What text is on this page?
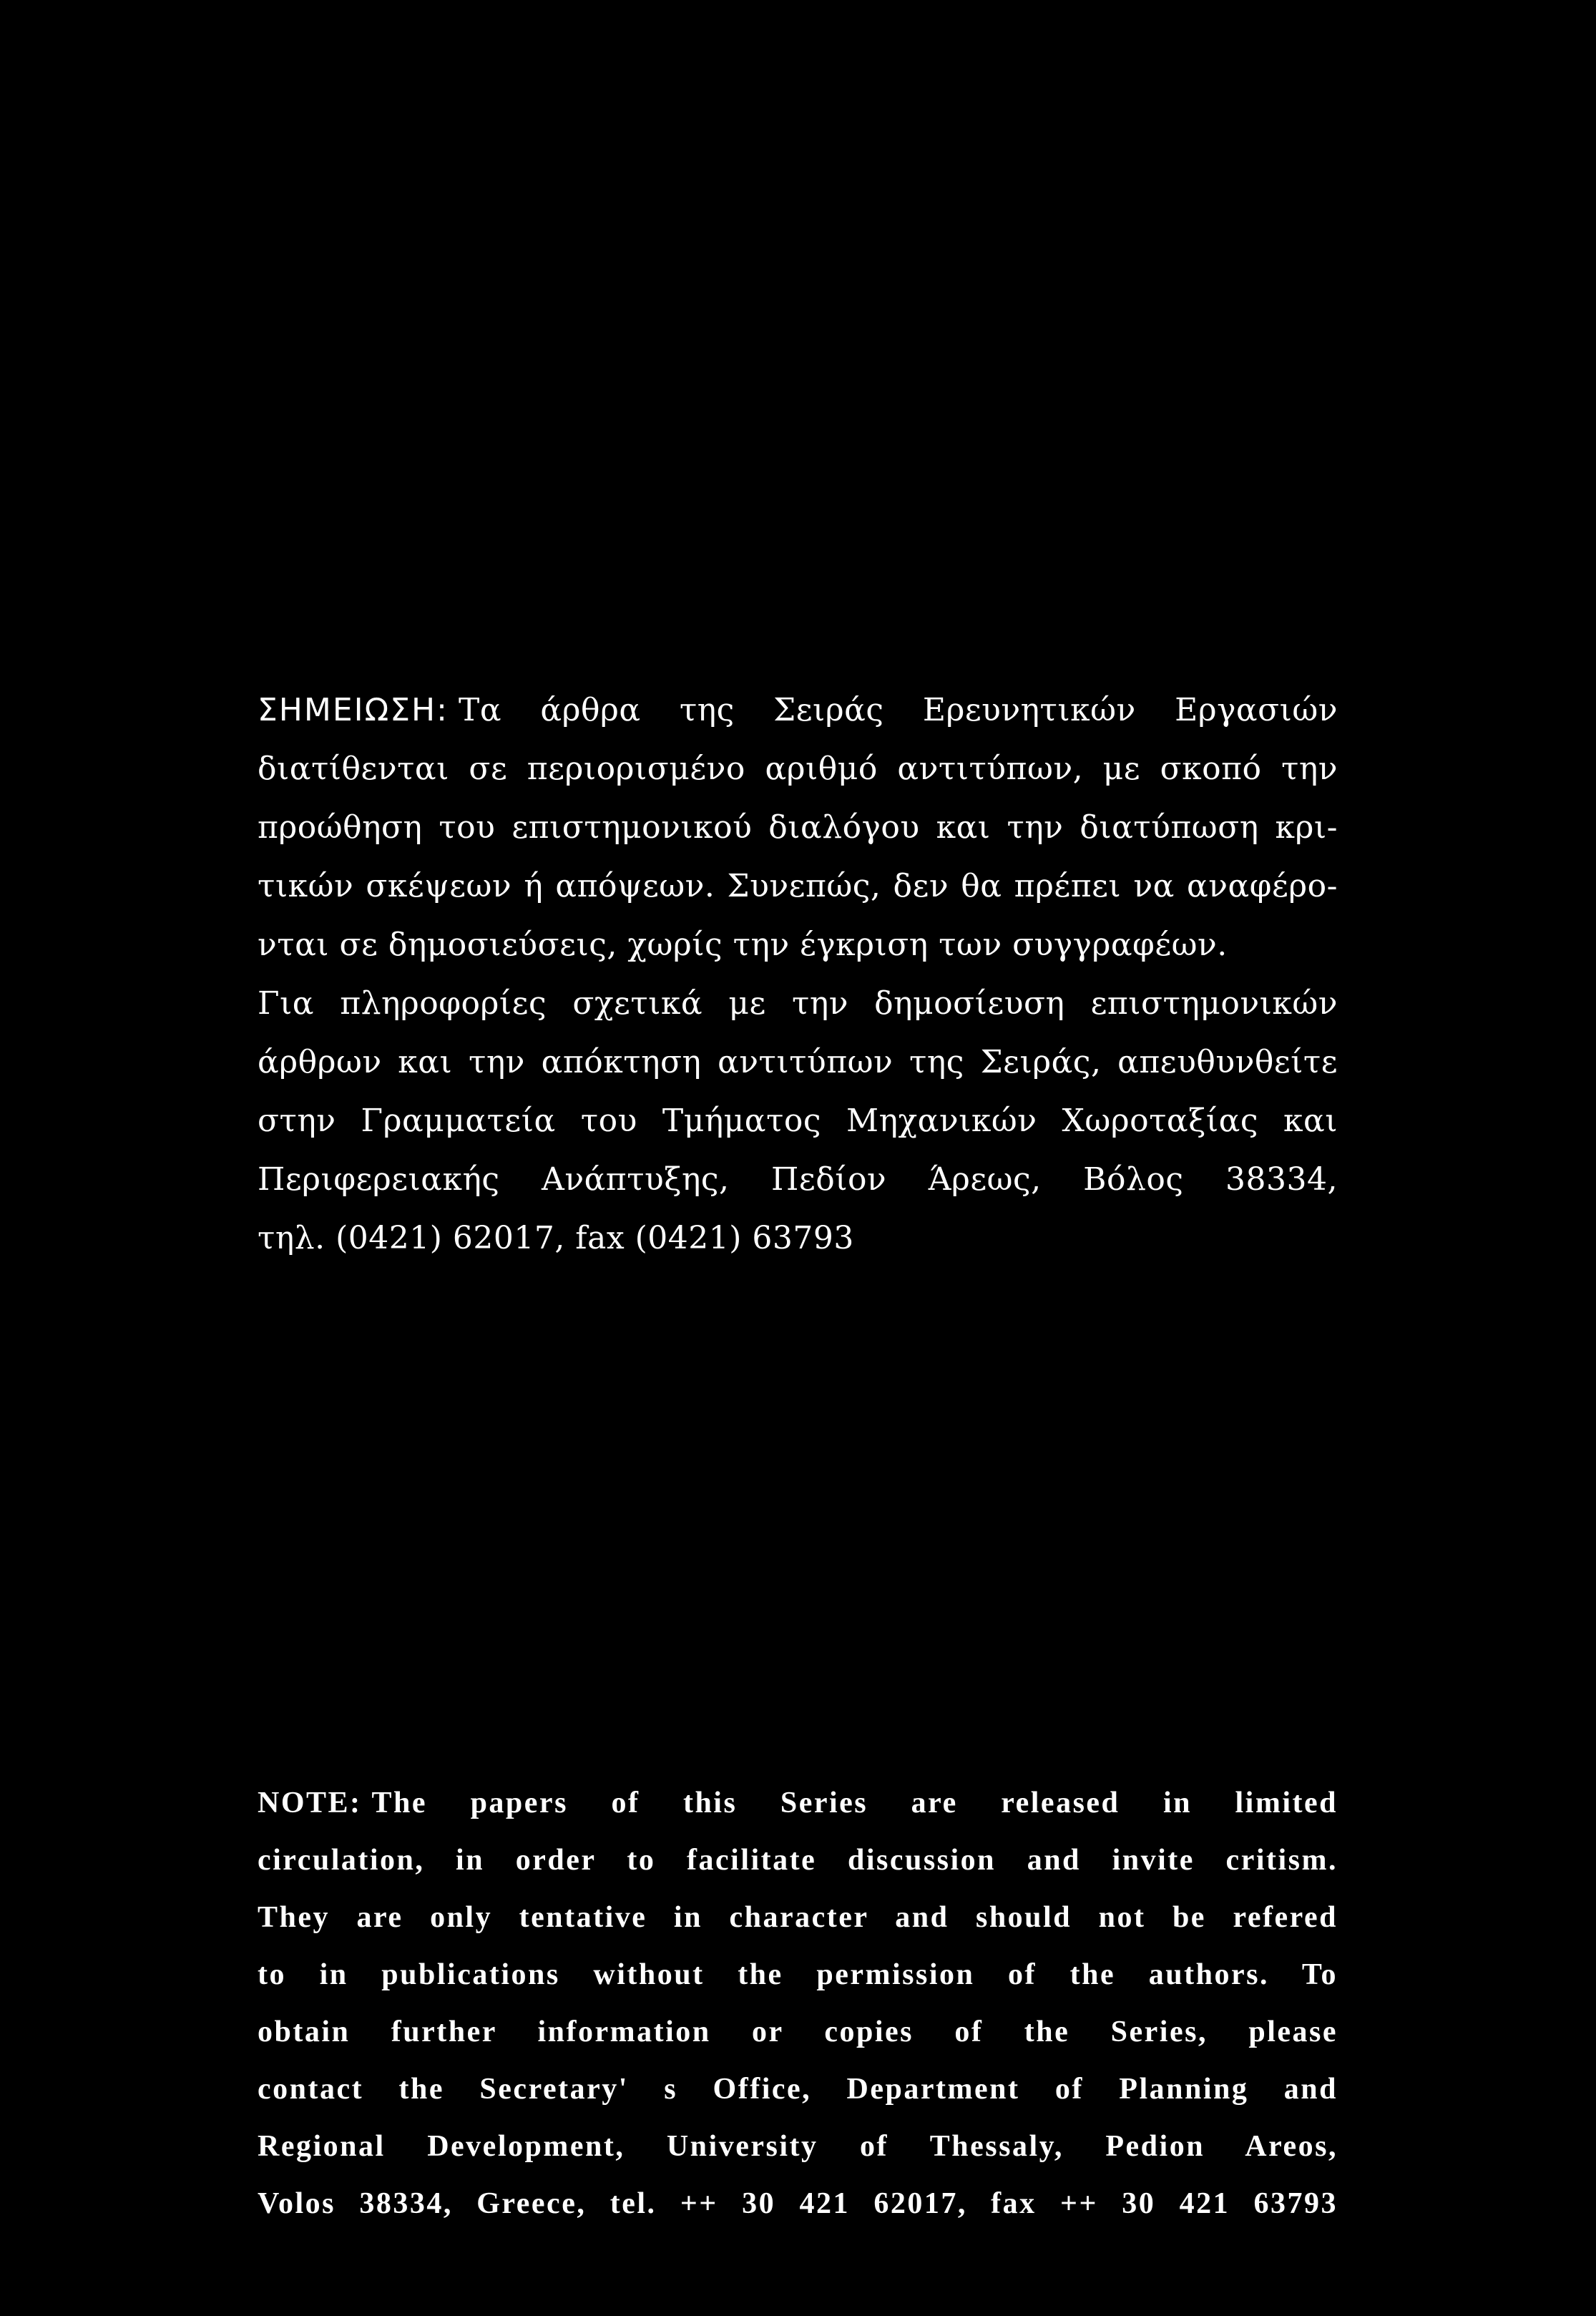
ΣΗΜΕΙΩΣΗ: Τα άρθρα της Σειράς Ερευνητικών Εργασιών
διατίθενται σε περιορισμένο αριθμό αντιτύπων, με σκοπό την
προώθηση του επιστημονικού διαλόγου και την διατύπωση κρι-
τικών σκέψεων ή απόψεων. Συνεπώς, δεν θα πρέπει να αναφέρο-
νται σε δημοσιεύσεις, χωρίς την έγκριση των συγγραφέων.
Για πληροφορίες σχετικά με την δημοσίευση επιστημονικών
άρθρων και την απόκτηση αντιτύπων της Σειράς, απευθυνθείτε
στην Γραμματεία του Τμήματος Μηχανικών Χωροταξίας και
Περιφερειακής Ανάπτυξης, Πεδίον Άρεως, Βόλος 38334,
τηλ. (0421) 62017, fax (0421) 63793
NOTE: The papers of this Series are released in limited
circulation, in order to facilitate discussion and invite critism.
They are only tentative in character and should not be refered
to in publications without the permission of the authors. To
obtain further information or copies of the Series, please
contact the Secretary' s Office, Department of Planning and
Regional Development, University of Thessaly, Pedion Areos,
Volos 38334, Greece, tel. ++ 30 421 62017, fax ++ 30 421 63793
